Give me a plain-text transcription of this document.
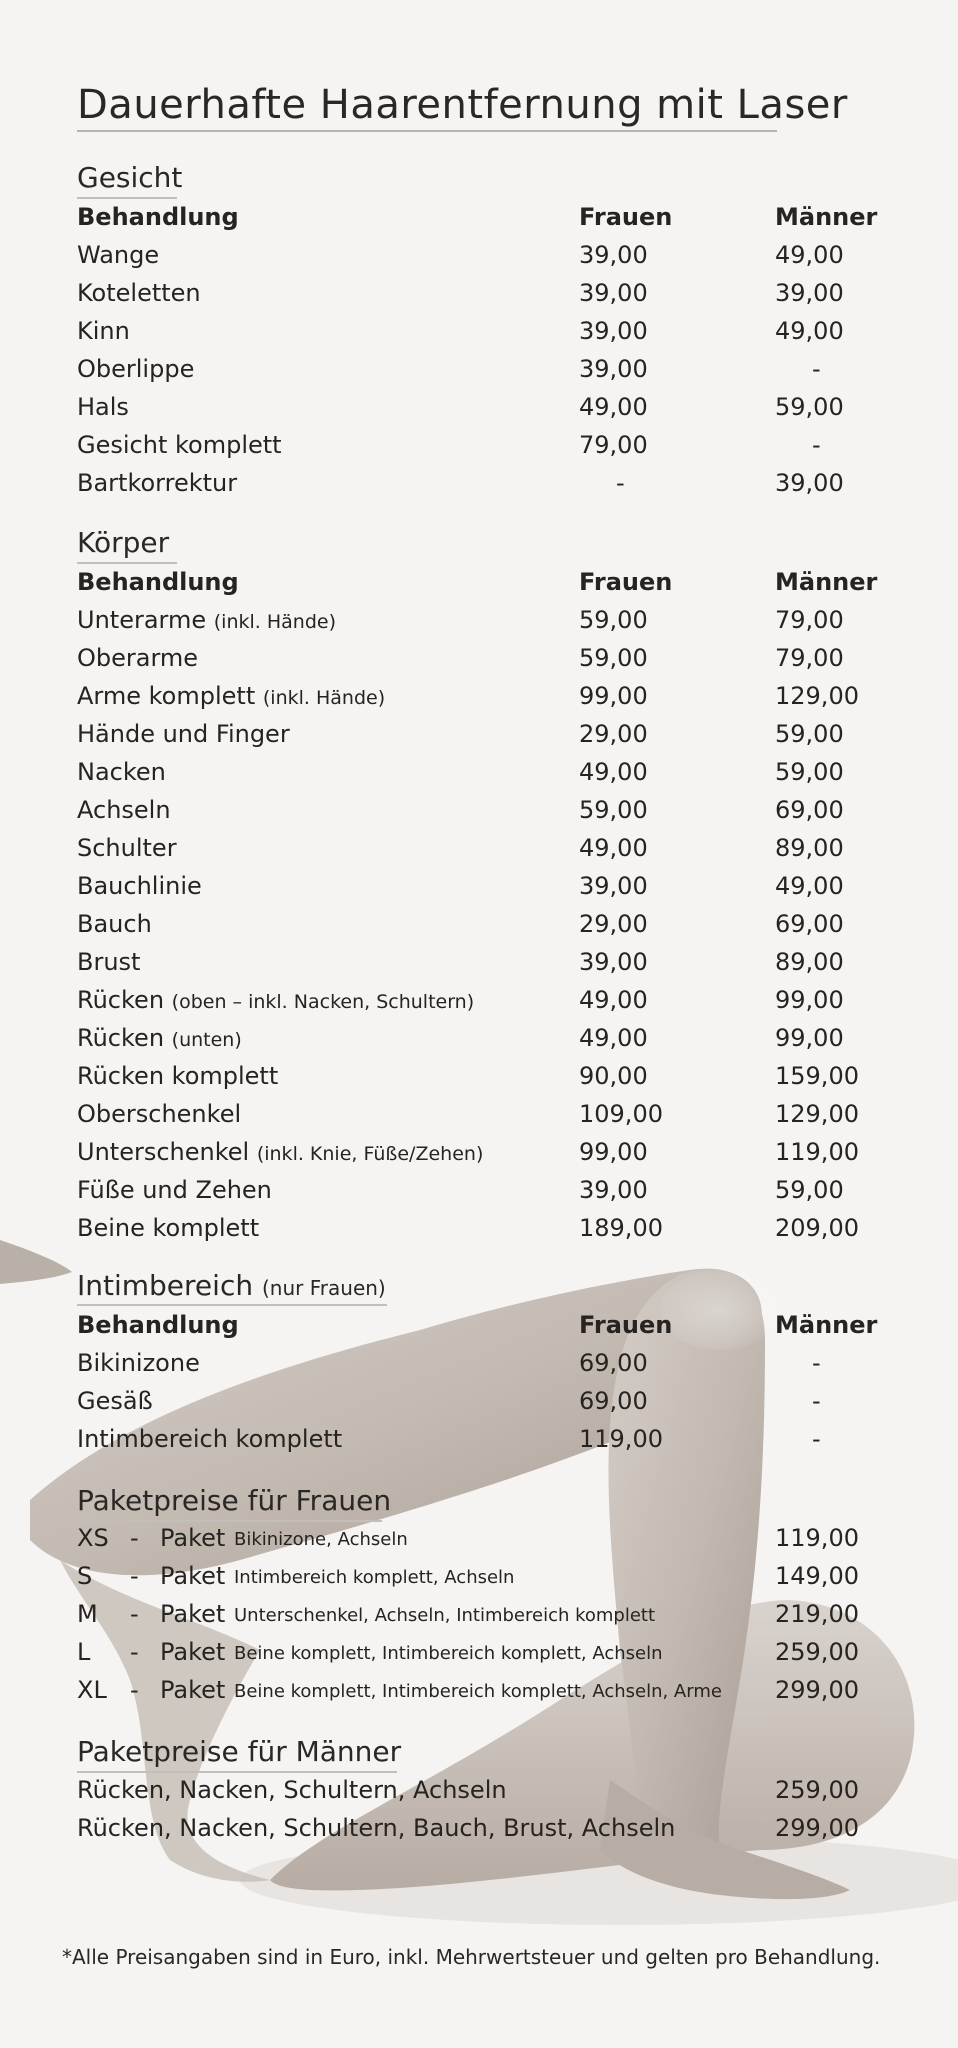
Dauerhafte Haarentfernung mit Laser
Gesicht
Behandlung	Frauen	Männer
Wange	39,00	49,00
Koteletten	39,00	39,00
Kinn	39,00	49,00
Oberlippe	39,00	-
Hals	49,00	59,00
Gesicht komplett	79,00	-
Bartkorrektur	-	39,00
Körper
Behandlung	Frauen	Männer
Unterarme (inkl. Hände)	59,00	79,00
Oberarme	59,00	79,00
Arme komplett (inkl. Hände)	99,00	129,00
Hände und Finger	29,00	59,00
Nacken	49,00	59,00
Achseln	59,00	69,00
Schulter	49,00	89,00
Bauchlinie	39,00	49,00
Bauch	29,00	69,00
Brust	39,00	89,00
Rücken (oben – inkl. Nacken, Schultern)	49,00	99,00
Rücken (unten)	49,00	99,00
Rücken komplett	90,00	159,00
Oberschenkel	109,00	129,00
Unterschenkel (inkl. Knie, Füße/Zehen)	99,00	119,00
Füße und Zehen	39,00	59,00
Beine komplett	189,00	209,00
Intimbereich (nur Frauen)
Behandlung	Frauen	Männer
Bikinizone	69,00	-
Gesäß	69,00	-
Intimbereich komplett	119,00	-
Paketpreise für Frauen
XS - Paket Bikinizone, Achseln	119,00
S - Paket Intimbereich komplett, Achseln	149,00
M - Paket Unterschenkel, Achseln, Intimbereich komplett	219,00
L - Paket Beine komplett, Intimbereich komplett, Achseln	259,00
XL - Paket Beine komplett, Intimbereich komplett, Achseln, Arme 299,00
Paketpreise für Männer
Rücken, Nacken, Schultern, Achseln	259,00
Rücken, Nacken, Schultern, Bauch, Brust, Achseln	299,00
*Alle Preisangaben sind in Euro, inkl. Mehrwertsteuer und gelten pro Behandlung.
